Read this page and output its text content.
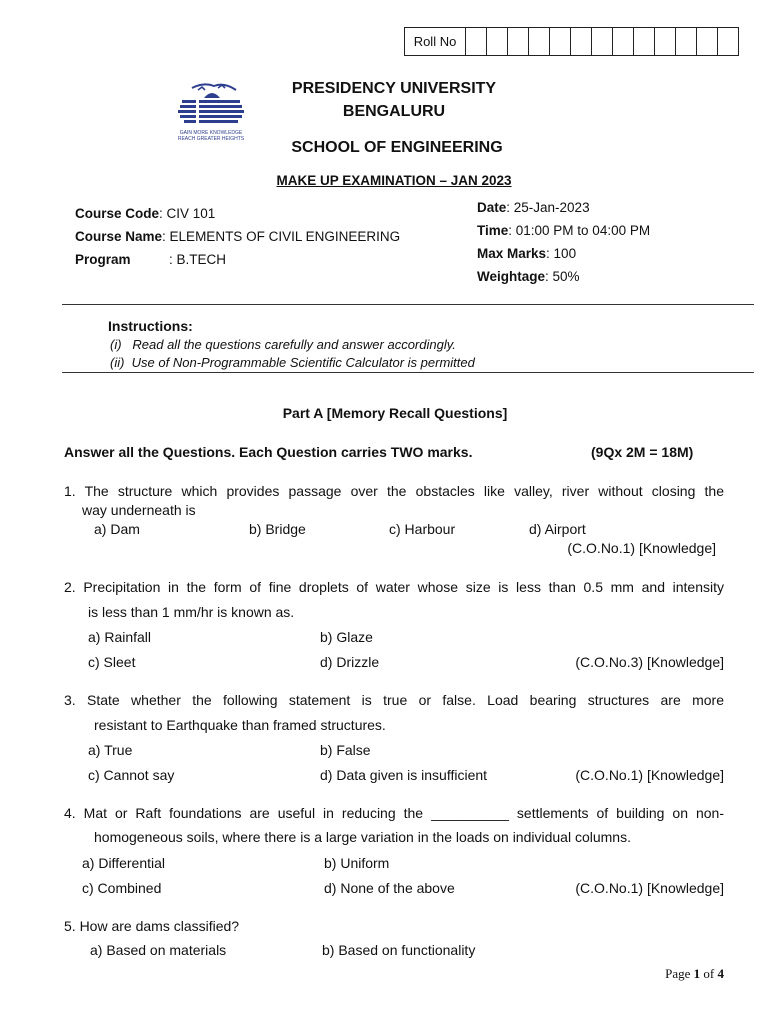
Roll No													
GAIN MORE KNOWLEDGE
REACH GREATER HEIGHTS
PRESIDENCY UNIVERSITY
BENGALURU
SCHOOL OF ENGINEERING
MAKE UP EXAMINATION – JAN 2023
Course Code: CIV 101
Course Name: ELEMENTS OF CIVIL ENGINEERING
Program	: B.TECH
Date: 25-Jan-2023
Time: 01:00 PM to 04:00 PM
Max Marks: 100
Weightage: 50%
Instructions:
(i)   Read all the questions carefully and answer accordingly.
(ii)  Use of Non-Programmable Scientific Calculator is permitted
Part A [Memory Recall Questions]
Answer all the Questions. Each Question carries TWO marks.	(9Qx 2M = 18M)
1. The structure which provides passage over the obstacles like valley, river without closing the
way underneath is
a) Dam	b) Bridge	c) Harbour	d) Airport
(C.O.No.1) [Knowledge]
2. Precipitation in the form of fine droplets of water whose size is less than 0.5 mm and intensity
is less than 1 mm/hr is known as.
a) Rainfall	b) Glaze
c) Sleet	d) Drizzle	(C.O.No.3) [Knowledge]
3. State whether the following statement is true or false. Load bearing structures are more
resistant to Earthquake than framed structures.
a) True	b) False
c) Cannot say	d) Data given is insufficient	(C.O.No.1) [Knowledge]
4. Mat or Raft foundations are useful in reducing the __________ settlements of building on non-
homogeneous soils, where there is a large variation in the loads on individual columns.
a) Differential	b) Uniform
c) Combined	d) None of the above	(C.O.No.1) [Knowledge]
5. How are dams classified?
a) Based on materials	b) Based on functionality
Page 1 of 4
